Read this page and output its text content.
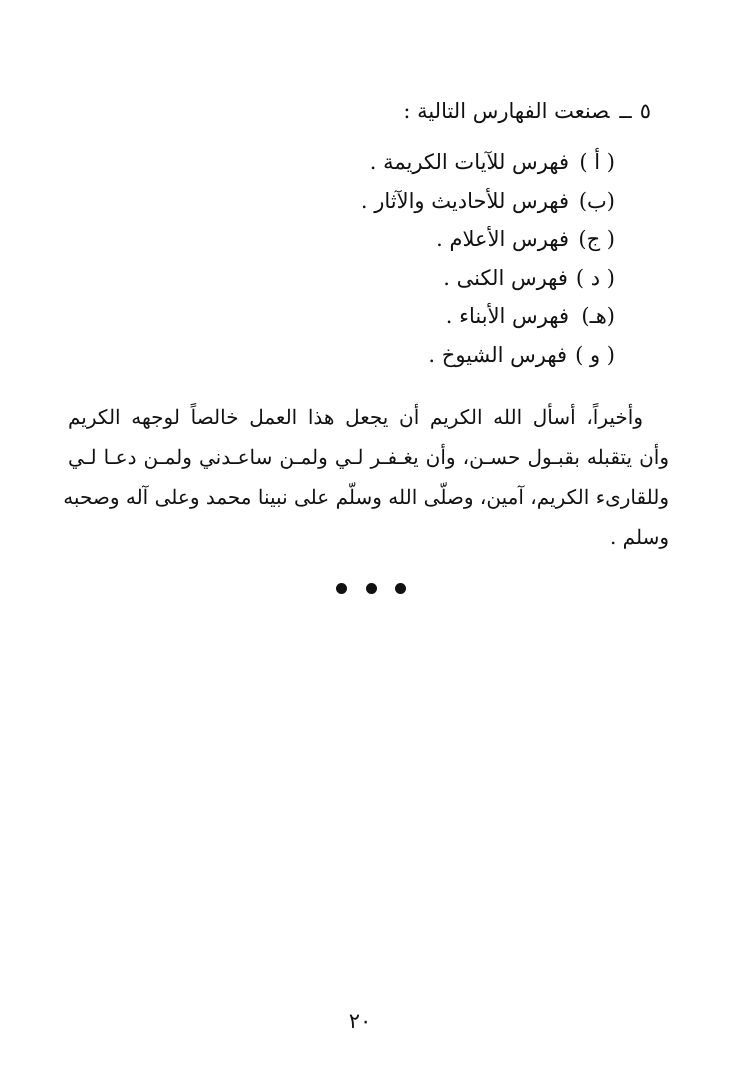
٥ــصنعت الفهارس التالية :
( أ )فهرس للآيات الكريمة .
(ب)فهرس للأحاديث والآثار .
( ج)فهرس الأعلام .
( د )فهرس الكنى .
(هـ)فهرس الأبناء .
( و )فهرس الشيوخ .
وأخيراً، أسأل الله الكريم أن يجعل هذا العمل خالصاً لوجهه الكريم
وأن يتقبله بقبـول حسـن، وأن يغـفـر لـي ولمـن ساعـدني ولمـن دعـا لـي
وللقارىء الكريم، آمين، وصلّى الله وسلّم على نبينا محمد وعلى آله وصحبه
وسلم .
٢٠
